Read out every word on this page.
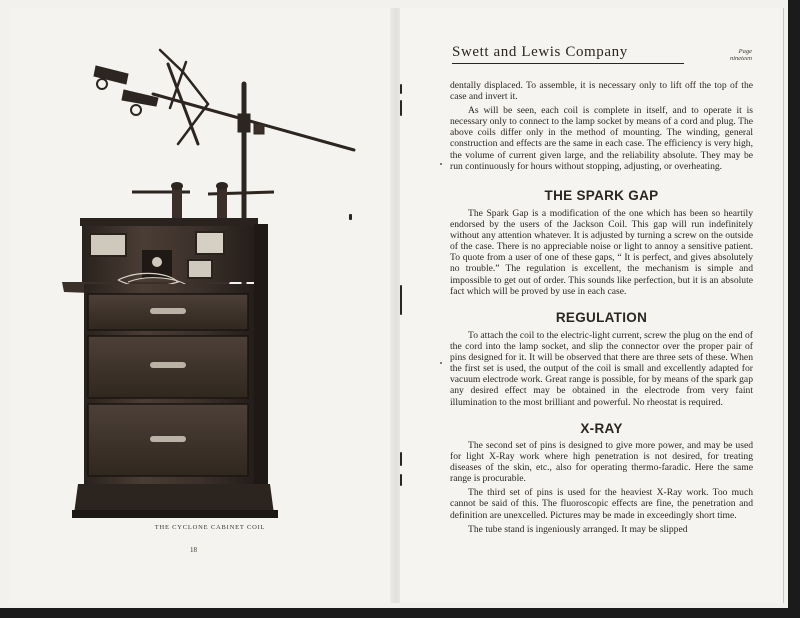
THE CYCLONE CABINET COIL
18
Swett and Lewis Company	Page
nineteen

dentally displaced. To assemble, it is necessary only to lift off the top of the case and invert it.

As will be seen, each coil is complete in itself, and to operate it is necessary only to connect to the lamp socket by means of a cord and plug. The above coils differ only in the method of mounting. The winding, general construction and effects are the same in each case. The efficiency is very high, the volume of current given large, and the reliability absolute. They may be run continuously for hours without stopping, adjusting, or overheating.

THE SPARK GAP

The Spark Gap is a modification of the one which has been so heartily endorsed by the users of the Jackson Coil. This gap will run indefinitely without any attention whatever. It is adjusted by turning a screw on the outside of the case. There is no appreciable noise or light to annoy a sensitive patient. To quote from a user of one of these gaps, “ It is perfect, and gives absolutely no trouble.” The regulation is excellent, the mechanism is simple and impossible to get out of order. This sounds like perfection, but it is an absolute fact which will be proved by use in each case.

REGULATION

To attach the coil to the electric-light current, screw the plug on the end of the cord into the lamp socket, and slip the connector over the proper pair of pins designed for it. It will be observed that there are three sets of these. When the first set is used, the output of the coil is small and excellently adapted for vacuum electrode work. Great range is possible, for by means of the spark gap any desired effect may be obtained in the electrode from very faint illumination to the most brilliant and powerful. No rheostat is required.

X-RAY

The second set of pins is designed to give more power, and may be used for light X-Ray work where high penetration is not desired, for treating diseases of the skin, etc., also for operating thermo-faradic. Here the same range is procurable.

The third set of pins is used for the heaviest X-Ray work. Too much cannot be said of this. The fluoroscopic effects are fine, the penetration and definition are unexcelled. Pictures may be made in exceedingly short time.

The tube stand is ingeniously arranged. It may be slipped
